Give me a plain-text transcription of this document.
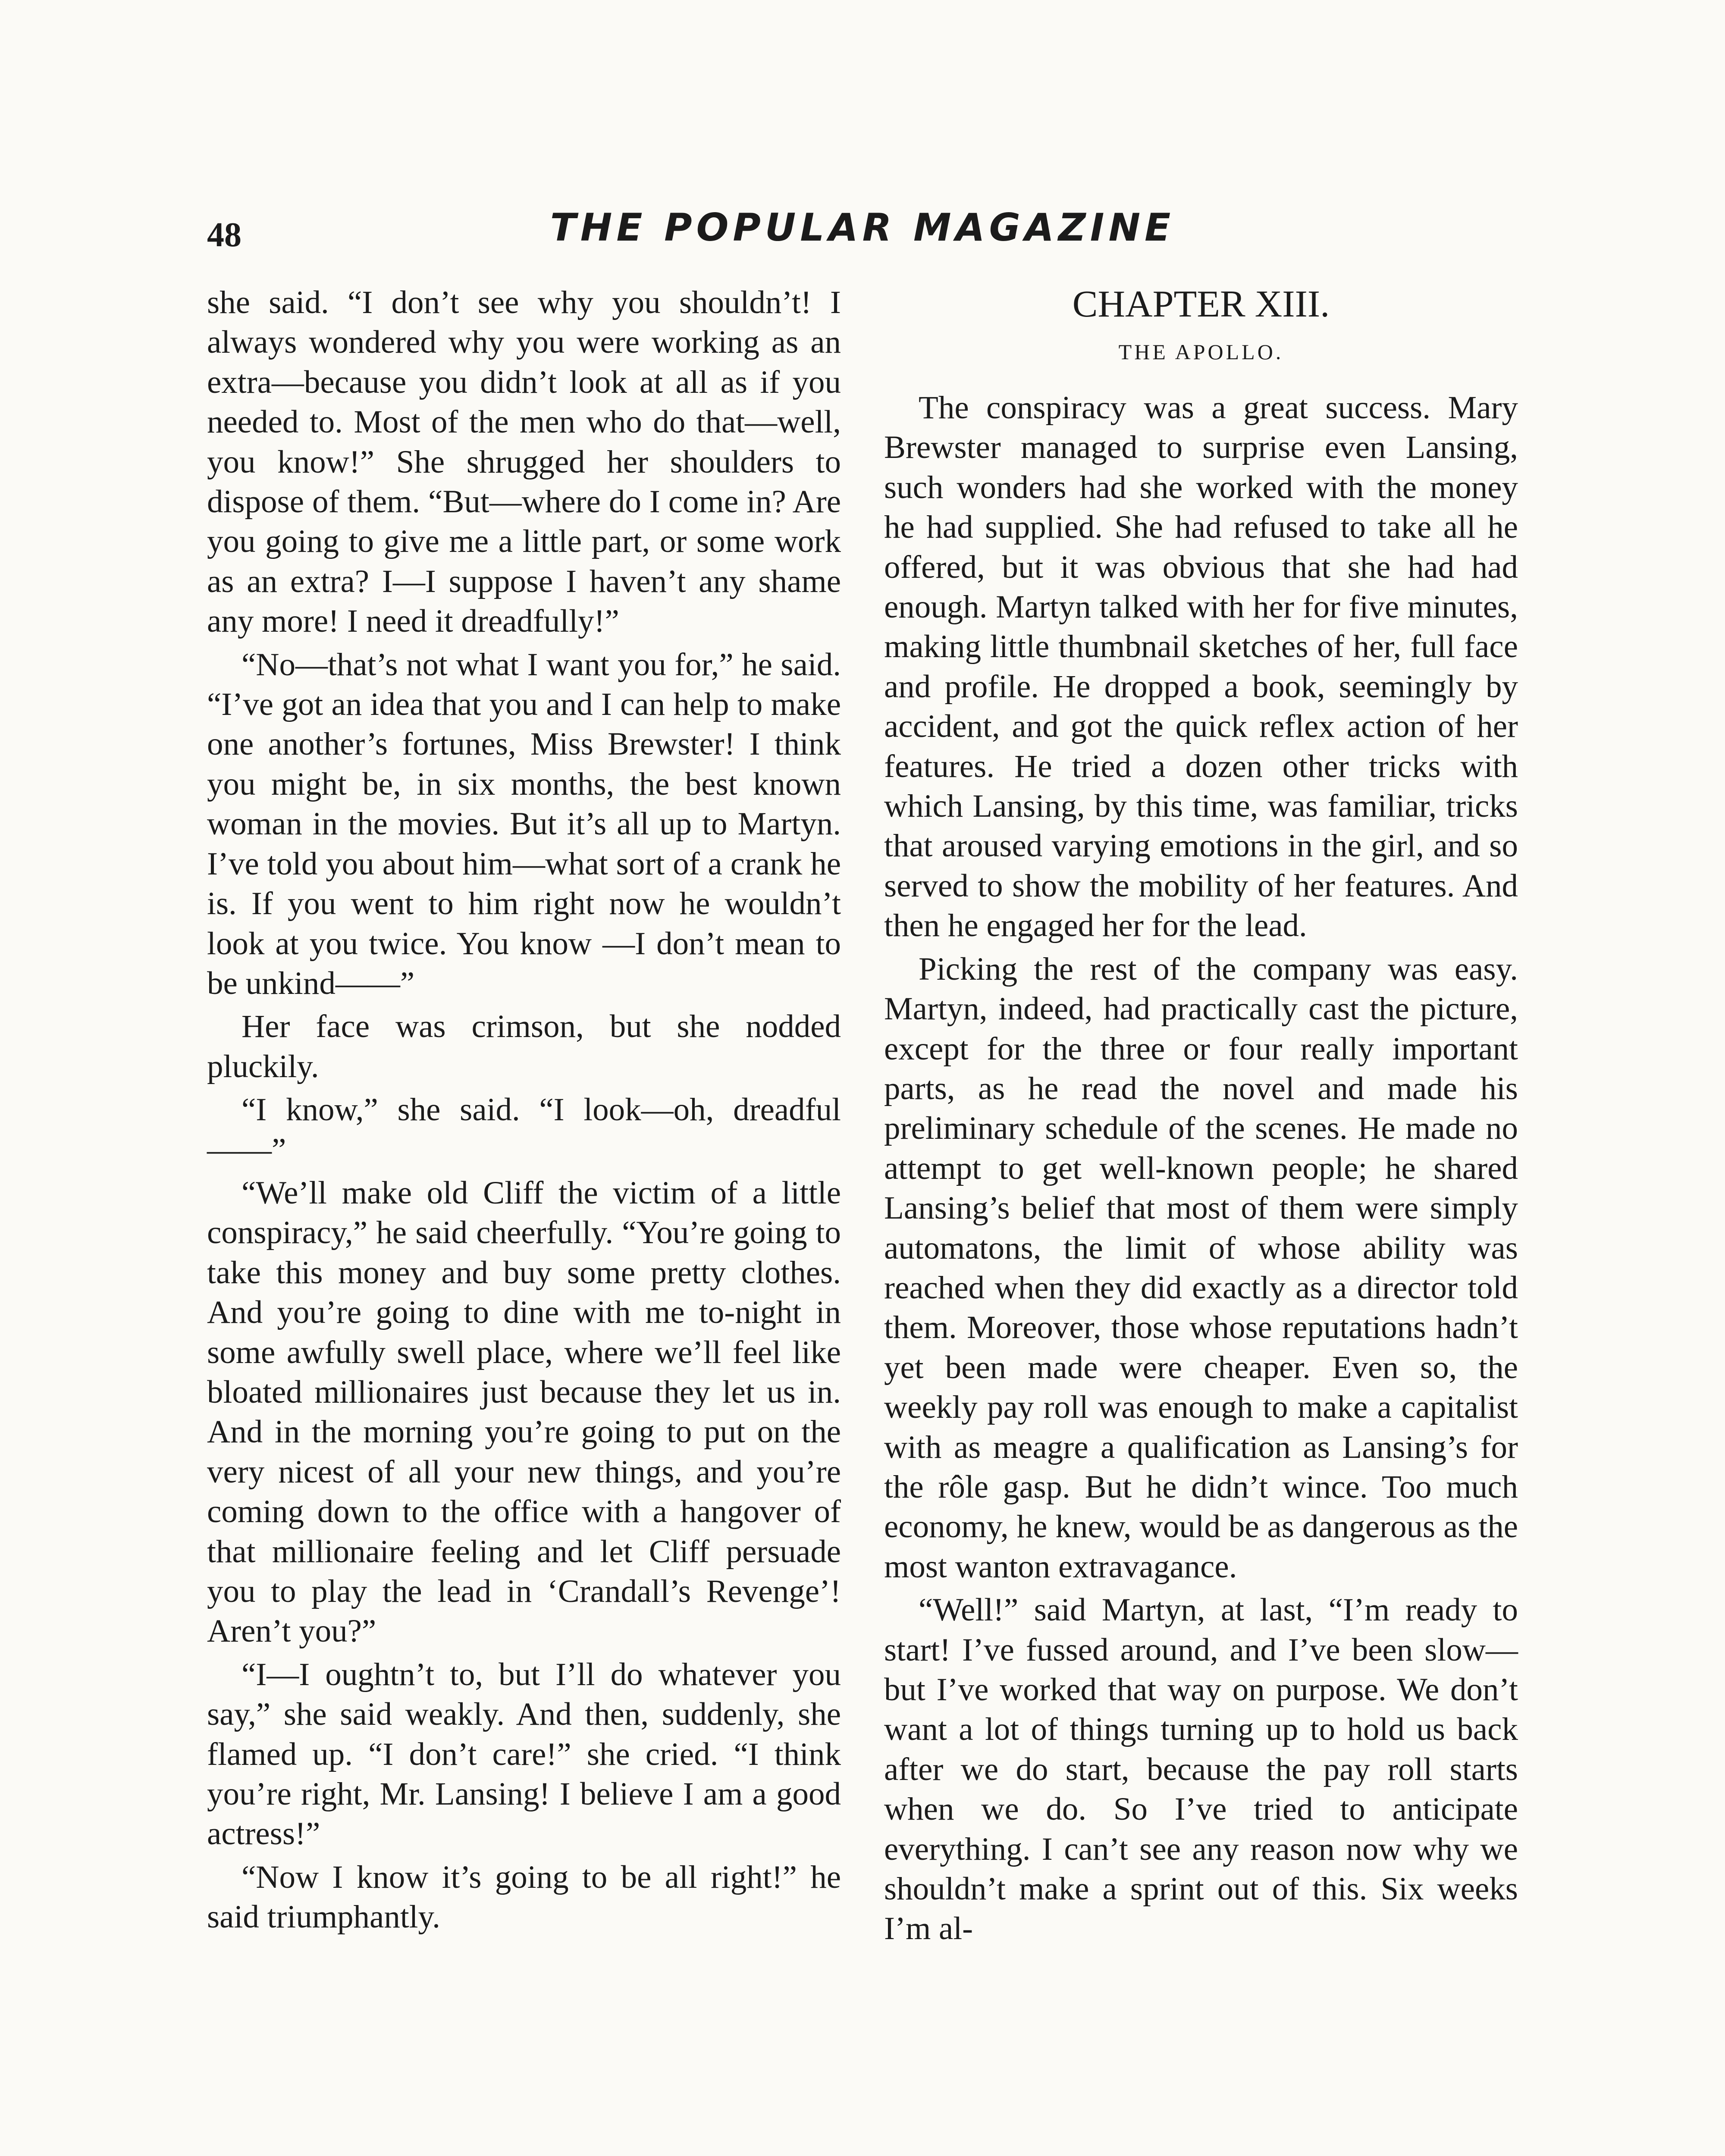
48	THE POPULAR MAGAZINE

she said. “I don’t see why you shouldn’t! I always wondered why you were working as an extra—because you didn’t look at all as if you needed to. Most of the men who do that—well, you know!” She shrugged her shoulders to dispose of them. “But—where do I come in? Are you going to give me a little part, or some work as an extra? I—I suppose I haven’t any shame any more! I need it dreadfully!”

“No—that’s not what I want you for,” he said. “I’ve got an idea that you and I can help to make one another’s fortunes, Miss Brewster! I think you might be, in six months, the best known woman in the movies. But it’s all up to Martyn. I’ve told you about him—what sort of a crank he is. If you went to him right now he wouldn’t look at you twice. You know —I don’t mean to be unkind——”

Her face was crimson, but she nodded pluckily.

“I know,” she said. “I look—oh, dreadful——”

“We’ll make old Cliff the victim of a little conspiracy,” he said cheerfully. “You’re going to take this money and buy some pretty clothes. And you’re going to dine with me to-night in some awfully swell place, where we’ll feel like bloated millionaires just because they let us in. And in the morning you’re going to put on the very nicest of all your new things, and you’re coming down to the office with a hangover of that millionaire feeling and let Cliff persuade you to play the lead in ‘Crandall’s Revenge’! Aren’t you?”

“I—I oughtn’t to, but I’ll do whatever you say,” she said weakly. And then, suddenly, she flamed up. “I don’t care!” she cried. “I think you’re right, Mr. Lansing! I believe I am a good actress!”

“Now I know it’s going to be all right!” he said triumphantly.

CHAPTER XIII.
THE APOLLO.

The conspiracy was a great success. Mary Brewster managed to surprise even Lansing, such wonders had she worked with the money he had supplied. She had refused to take all he offered, but it was obvious that she had had enough. Martyn talked with her for five minutes, making little thumbnail sketches of her, full face and profile. He dropped a book, seemingly by accident, and got the quick reflex action of her features. He tried a dozen other tricks with which Lansing, by this time, was familiar, tricks that aroused varying emotions in the girl, and so served to show the mobility of her features. And then he engaged her for the lead.

Picking the rest of the company was easy. Martyn, indeed, had practically cast the picture, except for the three or four really important parts, as he read the novel and made his preliminary schedule of the scenes. He made no attempt to get well-known people; he shared Lansing’s belief that most of them were simply automatons, the limit of whose ability was reached when they did exactly as a director told them. Moreover, those whose reputations hadn’t yet been made were cheaper. Even so, the weekly pay roll was enough to make a capitalist with as meagre a qualification as Lansing’s for the rôle gasp. But he didn’t wince. Too much economy, he knew, would be as dangerous as the most wanton extravagance.

“Well!” said Martyn, at last, “I’m ready to start! I’ve fussed around, and I’ve been slow—but I’ve worked that way on purpose. We don’t want a lot of things turning up to hold us back after we do start, because the pay roll starts when we do. So I’ve tried to anticipate everything. I can’t see any reason now why we shouldn’t make a sprint out of this. Six weeks I’m al-
